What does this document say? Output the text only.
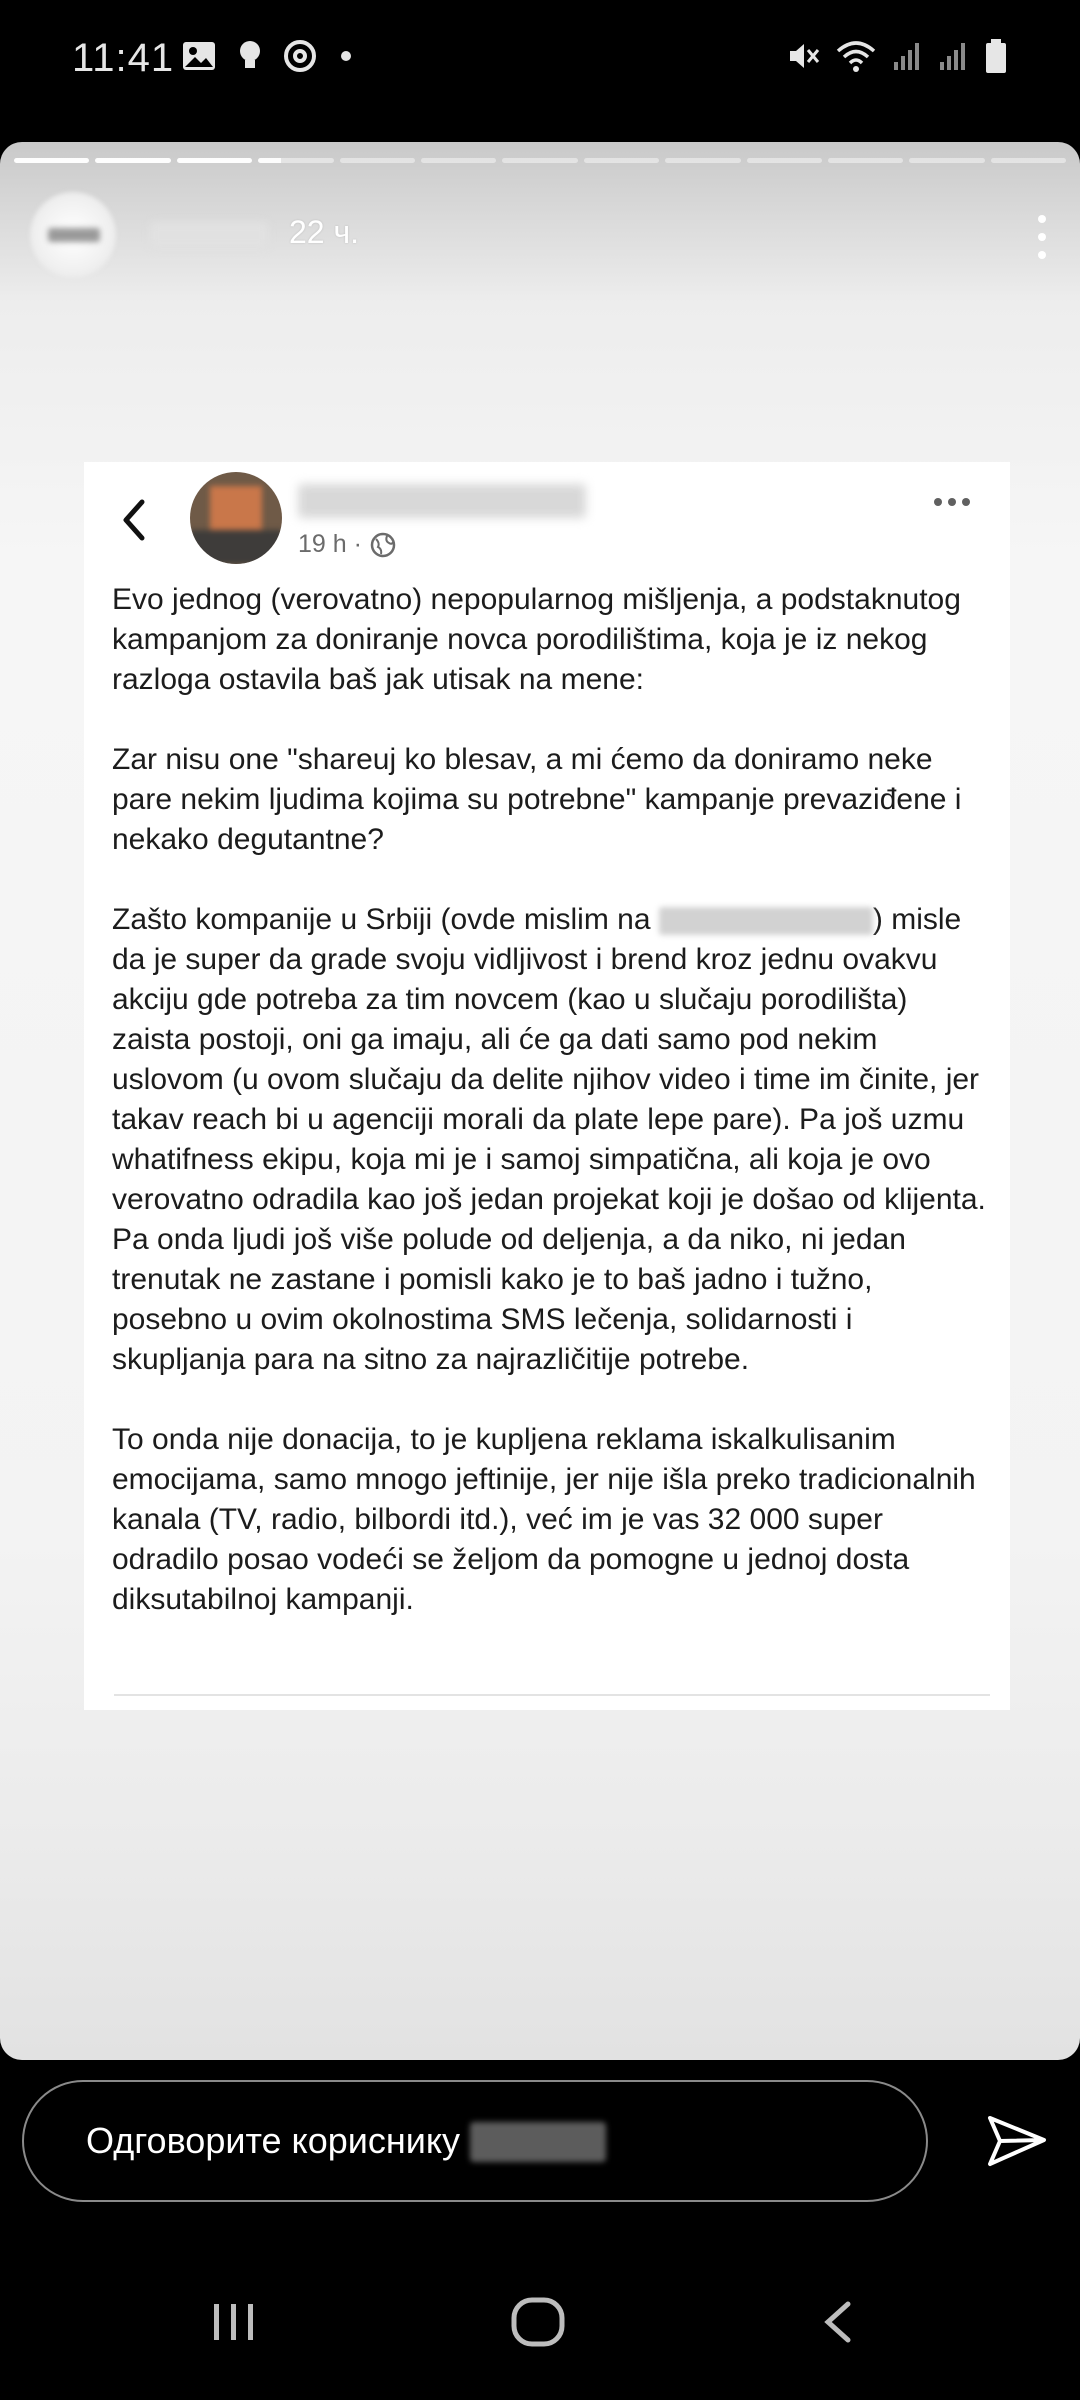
11:41
22 ч.
19 h ·

Evo jednog (verovatno) nepopularnog mišljenja, a podstaknutog kampanjom za doniranje novca porodilištima, koja je iz nekog razloga ostavila baš jak utisak na mene:

Zar nisu one "shareuj ko blesav, a mi ćemo da doniramo neke pare nekim ljudima kojima su potrebne" kampanje prevaziđene i nekako degutantne?

Zašto kompanije u Srbiji (ovde mislim na	) misle da je super da grade svoju vidljivost i brend kroz jednu ovakvu akciju gde potreba za tim novcem (kao u slučaju porodilišta) zaista postoji, oni ga imaju, ali će ga dati samo pod nekim uslovom (u ovom slučaju da delite njihov video i time im činite, jer takav reach bi u agenciji morali da plate lepe pare). Pa još uzmu whatifness ekipu, koja mi je i samoj simpatična, ali koja je ovo verovatno odradila kao još jedan projekat koji je došao od klijenta. Pa onda ljudi još više polude od deljenja, a da niko, ni jedan trenutak ne zastane i pomisli kako je to baš jadno i tužno, posebno u ovim okolnostima SMS lečenja, solidarnosti i skupljanja para na sitno za najrazličitije potrebe.

To onda nije donacija, to je kupljena reklama iskalkulisanim emocijama, samo mnogo jeftinije, jer nije išla preko tradicionalnih kanala (TV, radio, bilbordi itd.), već im je vas 32 000 super odradilo posao vodeći se željom da pomogne u jednoj dosta diksutabilnoj kampanji.

Одговорите кориснику
